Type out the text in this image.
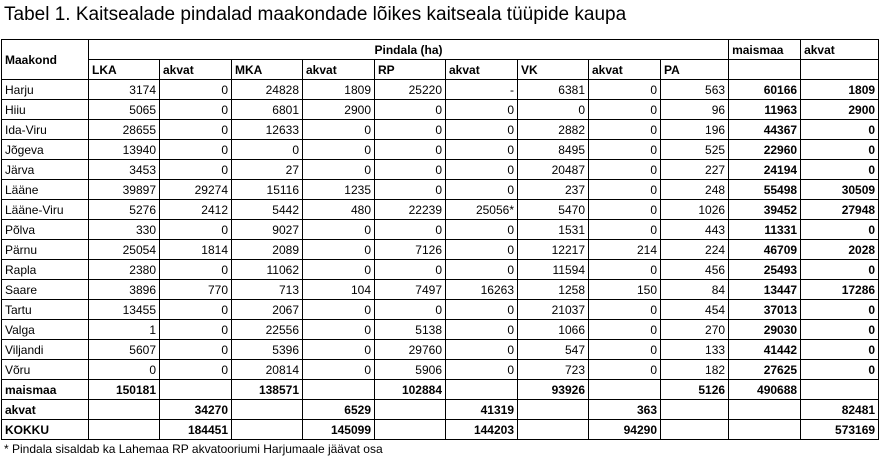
Tabel 1. Kaitsealade pindalad maakondade lõikes kaitseala tüüpide kaupa
Maakond	Pindala (ha)									maismaa	akvat
	LKA	akvat	MKA	akvat	RP	akvat	VK	akvat	PA		
Harju	3174	0	24828	1809	25220	-	6381	0	563	60166	1809
Hiiu	5065	0	6801	2900	0	0	0	0	96	11963	2900
Ida-Viru	28655	0	12633	0	0	0	2882	0	196	44367	0
Jõgeva	13940	0	0	0	0	0	8495	0	525	22960	0
Järva	3453	0	27	0	0	0	20487	0	227	24194	0
Lääne	39897	29274	15116	1235	0	0	237	0	248	55498	30509
Lääne-Viru	5276	2412	5442	480	22239	25056*	5470	0	1026	39452	27948
Põlva	330	0	9027	0	0	0	1531	0	443	11331	0
Pärnu	25054	1814	2089	0	7126	0	12217	214	224	46709	2028
Rapla	2380	0	11062	0	0	0	11594	0	456	25493	0
Saare	3896	770	713	104	7497	16263	1258	150	84	13447	17286
Tartu	13455	0	2067	0	0	0	21037	0	454	37013	0
Valga	1	0	22556	0	5138	0	1066	0	270	29030	0
Viljandi	5607	0	5396	0	29760	0	547	0	133	41442	0
Võru	0	0	20814	0	5906	0	723	0	182	27625	0
maismaa	150181		138571		102884		93926		5126	490688	
akvat		34270		6529		41319		363			82481
KOKKU		184451		145099		144203		94290			573169
* Pindala sisaldab ka Lahemaa RP akvatooriumi Harjumaale jäävat osa
